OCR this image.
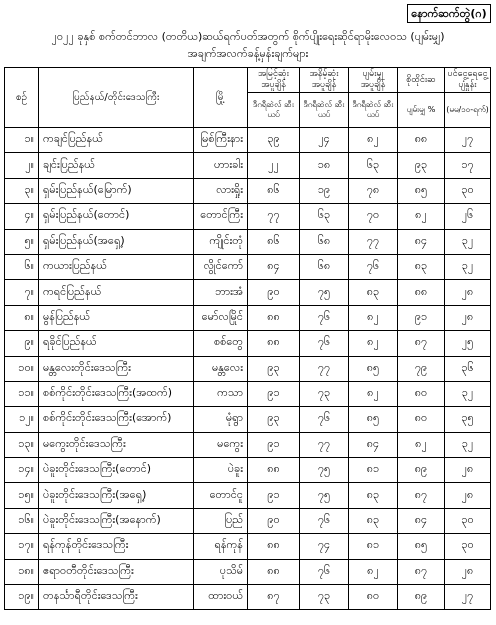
နောက်ဆက်တွဲ(ဂ)
၂၀၂၂ ခုနှစ် စက်တင်ဘာလ (တတိယ)ဆယ်ရက်ပတ်အတွက် စိုက်ပျိုးရေးဆိုင်ရာမိုးလေဝသ (ပျမ်းမျှ)
အချက်အလက်ခန့်မှန်းချက်များ
စဉ်	ပြည်နယ်/တိုင်းဒေသကြီး	မြို့	အမြင့်ဆုံး အပူချိန်	အနိမ့်ဆုံး အပူချိန်	ပျမ်းမျှ အပူချိန်	စိုထိုင်းဆ	ပင်ငွေ့ရေငွေ့ ပျံနှုန်း
			ဒီဂရီဆဲလ် ဆီးယပ်	ဒီဂရီဆဲလ် ဆီးယပ်	ဒီဂရီဆဲလ် ဆီးယပ်	ပျမ်းမျှ %	(မမ/၁၀-ရက်)
၁။	ကချင်ပြည်နယ်	မြစ်ကြီးနား	၃၉	၂၄	၈၂	၈၈	၂၇
၂။	ချင်းပြည်နယ်	ဟားခါး	၂၂	၁၈	၆၃	၉၃	၁၇
၃။	ရှမ်းပြည်နယ်(မြောက်)	လားရှိုး	၈၆	၁၉	၇၈	၈၅	၃၀
၄။	ရှမ်းပြည်နယ်(တောင်)	တောင်ကြီး	၇၇	၆၃	၇၀	၈၂	၂၆
၅။	ရှမ်းပြည်နယ်(အရှေ့)	ကျိုင်းတုံ	၈၆	၆၈	၇၇	၈၄	၃၂
၆။	ကယားပြည်နယ်	လွိုင်ကော်	၈၄	၆၈	၇၆	၈၃	၃၂
၇။	ကရင်ပြည်နယ်	ဘားအံ	၉၀	၇၅	၈၃	၈၈	၂၈
၈။	မွန်ပြည်နယ်	မော်လမြိုင်	၈၈	၇၆	၈၂	၉၁	၂၈
၉။	ရခိုင်ပြည်နယ်	စစ်တွေ	၈၈	၇၆	၈၂	၈၇	၂၅
၁၀။	မန္တလေးတိုင်းဒေသကြီး	မန္တလေး	၉၃	၇၇	၈၅	၇၉	၃၆
၁၁။	စစ်ကိုင်းတိုင်းဒေသကြီး(အထက်)	ကသာ	၉၁	၇၃	၈၂	၈၀	၃၂
၁၂။	စစ်ကိုင်းတိုင်းဒေသကြီး(အောက်)	မုံရွာ	၉၃	၇၆	၈၅	၈၀	၃၅
၁၃။	မကွေးတိုင်းဒေသကြီး	မကွေး	၉၁	၇၇	၈၄	၈၂	၃၂
၁၄။	ပဲခူးတိုင်းဒေသကြီး(တောင်)	ပဲခူး	၈၈	၇၅	၈၁	၈၉	၂၈
၁၅။	ပဲခူးတိုင်းဒေသကြီး(အရှေ့)	တောင်ငူ	၉၁	၇၅	၈၃	၈၇	၂၈
၁၆။	ပဲခူးတိုင်းဒေသကြီး(အနောက်)	ပြည်	၉၀	၇၆	၈၃	၈၄	၃၀
၁၇။	ရန်ကုန်တိုင်းဒေသကြီး	ရန်ကုန်	၈၈	၇၄	၈၁	၈၅	၃၀
၁၈။	ဧရာဝတီတိုင်းဒေသကြီး	ပုသိမ်	၈၈	၇၆	၈၂	၈၇	၂၈
၁၉။	တနင်္သာရီတိုင်းဒေသကြီး	ထားဝယ်	၈၇	၇၃	၈၀	၈၉	၂၇
